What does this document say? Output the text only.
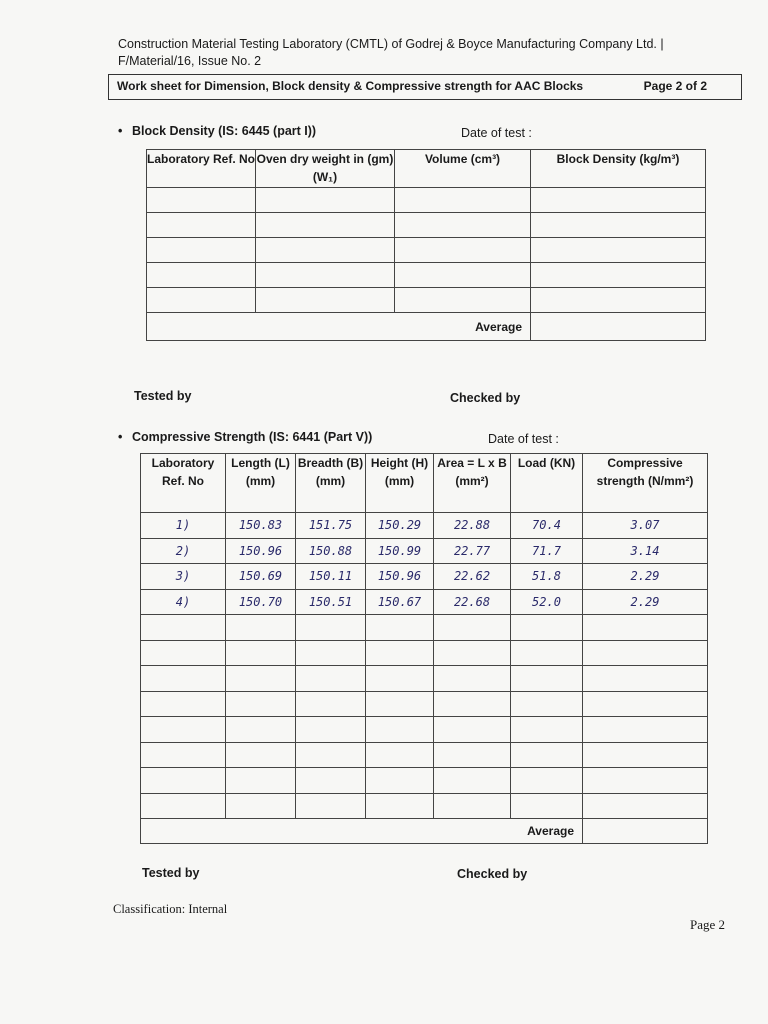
Construction Material Testing Laboratory (CMTL) of Godrej & Boyce Manufacturing Company Ltd. |
F/Material/16, Issue No. 2
Work sheet for Dimension, Block density & Compressive strength for AAC Blocks	Page 2 of 2
• Block Density (IS: 6445 (part I))	Date of test :
Laboratory Ref. No	Oven dry weight in (gm) (W₁)	Volume (cm³)	Block Density (kg/m³)

Average			
Tested by	Checked by
• Compressive Strength (IS: 6441 (Part V))	Date of test :
Laboratory Ref. No	Length (L)(mm)	Breadth (B) (mm)	Height (H) (mm)	Area = L x B (mm²)	Load (KN)	Compressive strength (N/mm²)
1)	150.83	151.75	150.29	22.88	70.4	3.07
2)	150.96	150.88	150.99	22.77	71.7	3.14
3)	150.69	150.11	150.96	22.62	51.8	2.29
4)	150.70	150.51	150.67	22.68	52.0	2.29

Average						
Tested by	Checked by
Classification: Internal
Page 2
